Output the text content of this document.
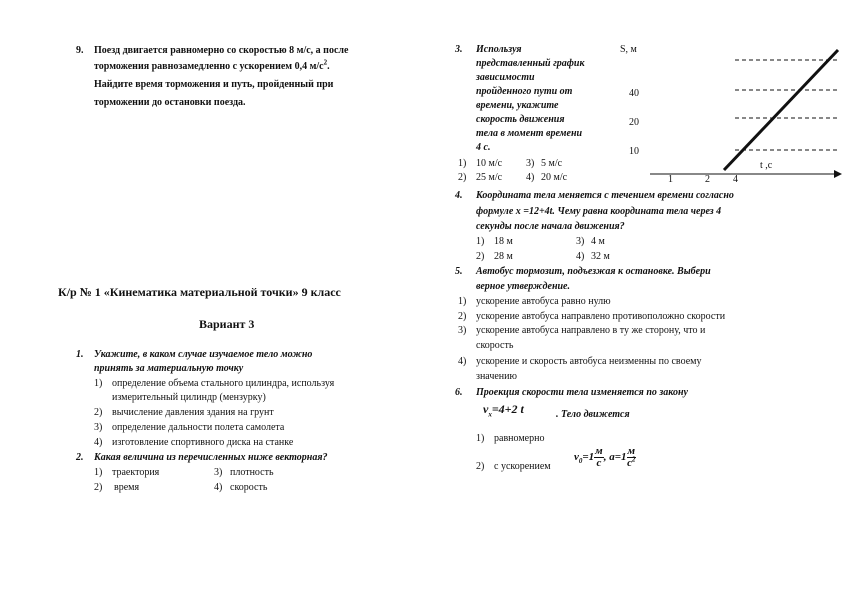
9. Поезд двигается равномерно со скоростью 8 м/с, а после
торможения равнозамедленно с ускорением 0,4 $м/с^2$.
Найдите время торможения и путь, пройденный при
торможении до остановки поезда.
К/р № 1 «Кинематика материальной точки» 9 класс
Вариант 3
1. Укажите, в каком случае изучаемое тело можно
принять за материальную точку
1) определение объема стального цилиндра, используя
измерительный цилиндр (мензурку)
2) вычисление давления здания на грунт
3) определение дальности полета самолета
4) изготовление спортивного диска на станке
2. Какая величина из перечисленных ниже векторная?
1) траектория	3) плотность
2) время	4) скорость
3. Используя
представленный график
зависимости
пройденного пути от
времени, укажите
скорость движения
тела в момент времени
4 с.
1) 10 м/с 3) 5 м/с
2) 25 м/с 4) 20 м/с
S, м
40
20
10
1	2 4
t ,c
4. Координата тела меняется с течением времени согласно
формуле x =12+4t. Чему равна координата тела через 4
секунды после начала движения?
1) 18 м	3) 4 м
2) 28 м	4) 32 м
5. Автобус тормозит, подъезжая к остановке. Выбери
верное утверждение.
1) ускорение автобуса равно нулю
2) ускорение автобуса направлено противоположно скорости
3) ускорение автобуса направлено в ту же сторону, что и
скорость
4) ускорение и скорость автобуса неизменны по своему
значению
6. Проекция скорости тела изменяется по закону
$v_x=4+2$ t	. Тело движется
1) равномерно
2) с ускорением
$v_0=1 \frac{м}{с}$ , $a=1 \frac{м}{с^2}$
